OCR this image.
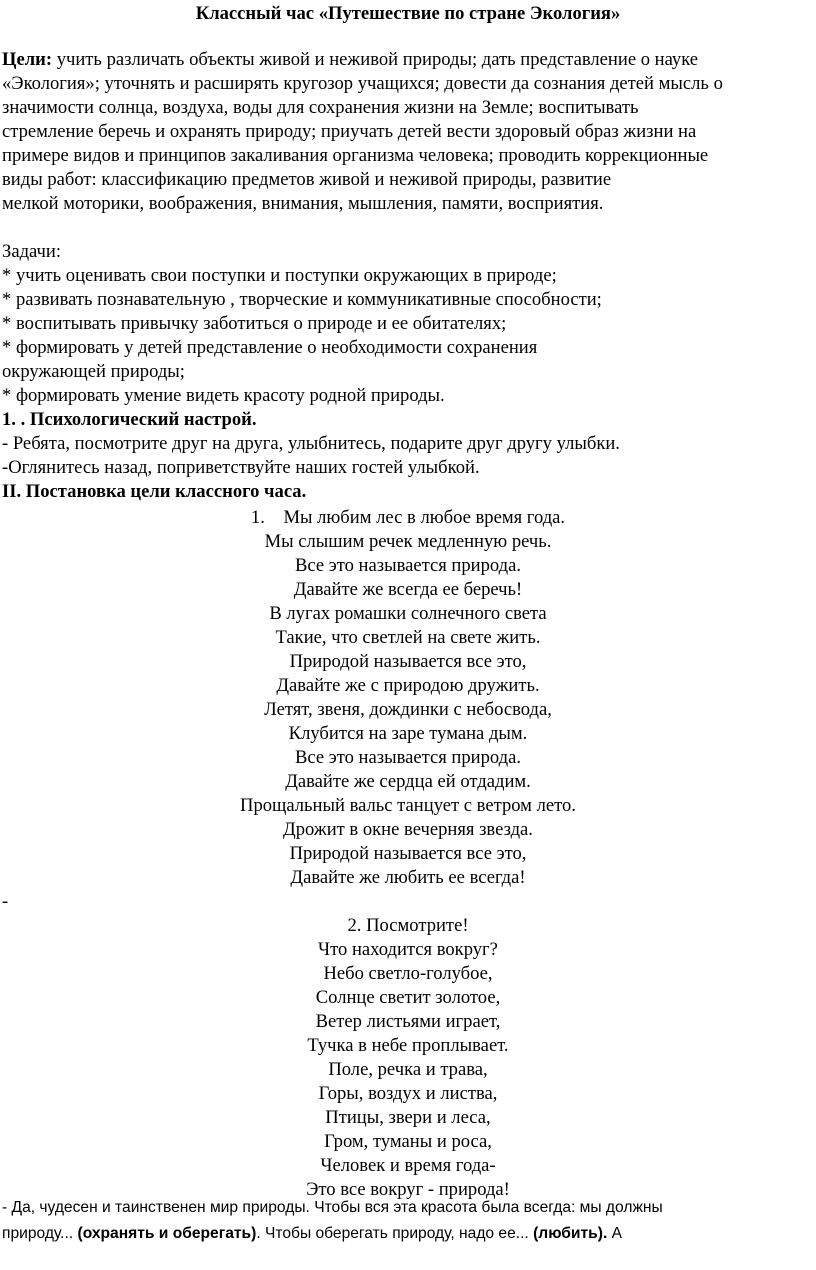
Классный час «Путешествие по стране Экология»
Цели: учить различать объекты живой и неживой природы; дать представление о науке
«Экология»; уточнять и расширять кругозор учащихся; довести да сознания детей мысль о
значимости солнца, воздуха, воды для сохранения жизни на Земле; воспитывать
стремление беречь и охранять природу; приучать детей вести здоровый образ жизни на
примере видов и принципов закаливания организма человека; проводить коррекционные
виды работ: классификацию предметов живой и неживой природы, развитие
мелкой моторики, воображения, внимания, мышления, памяти, восприятия.
Задачи:
* учить оценивать свои поступки и поступки окружающих в природе;
* развивать познавательную , творческие и коммуникативные способности;
* воспитывать привычку заботиться о природе и ее обитателях;
* формировать у детей представление о необходимости сохранения
окружающей природы;
* формировать умение видеть красоту родной природы.
1. . Психологический настрой.
- Ребята, посмотрите друг на друга, улыбнитесь, подарите друг другу улыбки.
-Оглянитесь назад, поприветствуйте наших гостей улыбкой.
II. Постановка цели классного часа.
1. Мы любим лес в любое время года.
Мы слышим речек медленную речь.
Все это называется природа.
Давайте же всегда ее беречь!
В лугах ромашки солнечного света
Такие, что светлей на свете жить.
Природой называется все это,
Давайте же с природою дружить.
Летят, звеня, дождинки с небосвода,
Клубится на заре тумана дым.
Все это называется природа.
Давайте же сердца ей отдадим.
Прощальный вальс танцует с ветром лето.
Дрожит в окне вечерняя звезда.
Природой называется все это,
Давайте же любить ее всегда!
-
2. Посмотрите!
Что находится вокруг?
Небо светло-голубое,
Солнце светит золотое,
Ветер листьями играет,
Тучка в небе проплывает.
Поле, речка и трава,
Горы, воздух и листва,
Птицы, звери и леса,
Гром, туманы и роса,
Человек и время года-
Это все вокруг - природа!
- Да, чудесен и таинственен мир природы. Чтобы вся эта красота была всегда: мы должны
природу... (охранять и оберегать). Чтобы оберегать природу, надо ее... (любить). А
